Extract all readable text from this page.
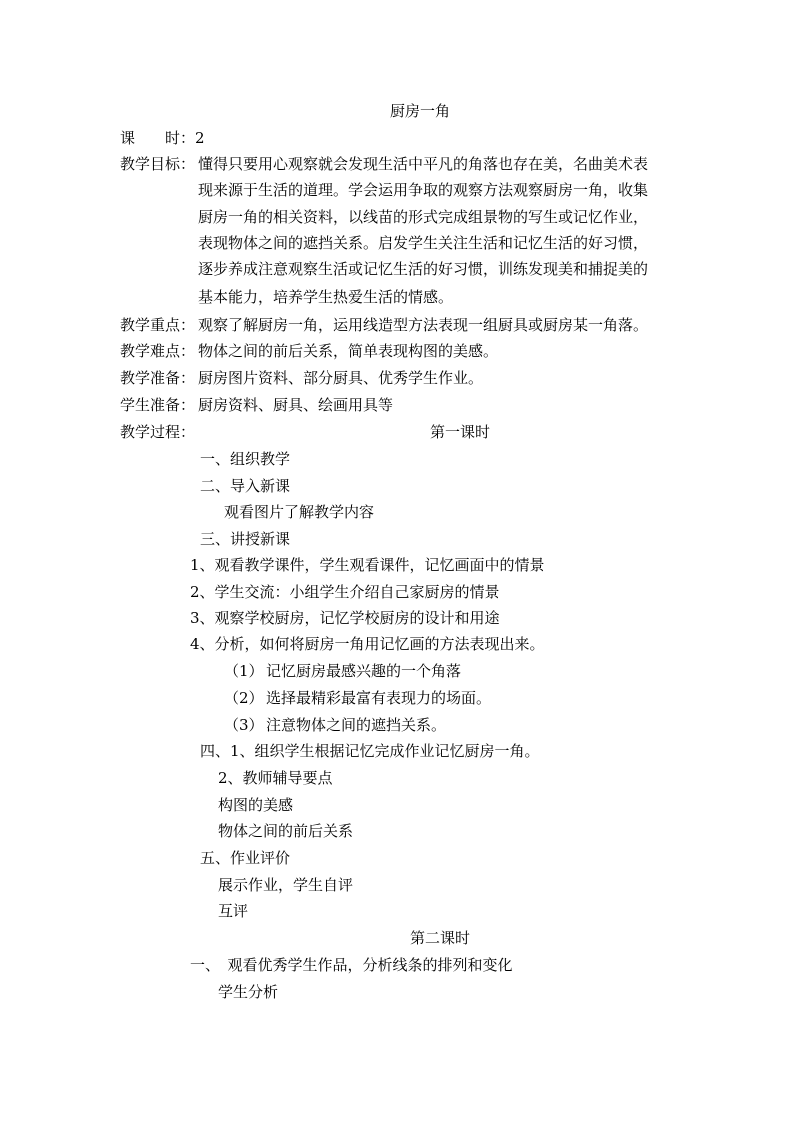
厨房一角
课　　时：2
教学目标： 懂得只要用心观察就会发现生活中平凡的角落也存在美，名曲美术表
现来源于生活的道理。学会运用争取的观察方法观察厨房一角，收集
厨房一角的相关资料，以线苗的形式完成组景物的写生或记忆作业，
表现物体之间的遮挡关系。启发学生关注生活和记忆生活的好习惯，
逐步养成注意观察生活或记忆生活的好习惯，训练发现美和捕捉美的
基本能力，培养学生热爱生活的情感。
教学重点： 观察了解厨房一角，运用线造型方法表现一组厨具或厨房某一角落。
教学难点： 物体之间的前后关系，简单表现构图的美感。
教学准备： 厨房图片资料、部分厨具、优秀学生作业。
学生准备： 厨房资料、厨具、绘画用具等
教学过程：	第一课时
一、组织教学
二、导入新课
观看图片了解教学内容
三、讲授新课
1、观看教学课件，学生观看课件，记忆画面中的情景
2、学生交流：小组学生介绍自己家厨房的情景
3、观察学校厨房，记忆学校厨房的设计和用途
4、分析，如何将厨房一角用记忆画的方法表现出来。
（1） 记忆厨房最感兴趣的一个角落
（2） 选择最精彩最富有表现力的场面。
（3） 注意物体之间的遮挡关系。
四、1、组织学生根据记忆完成作业记忆厨房一角。
2、教师辅导要点
构图的美感
物体之间的前后关系
五、作业评价
展示作业，学生自评
互评
第二课时
一、　观看优秀学生作品，分析线条的排列和变化
学生分析
